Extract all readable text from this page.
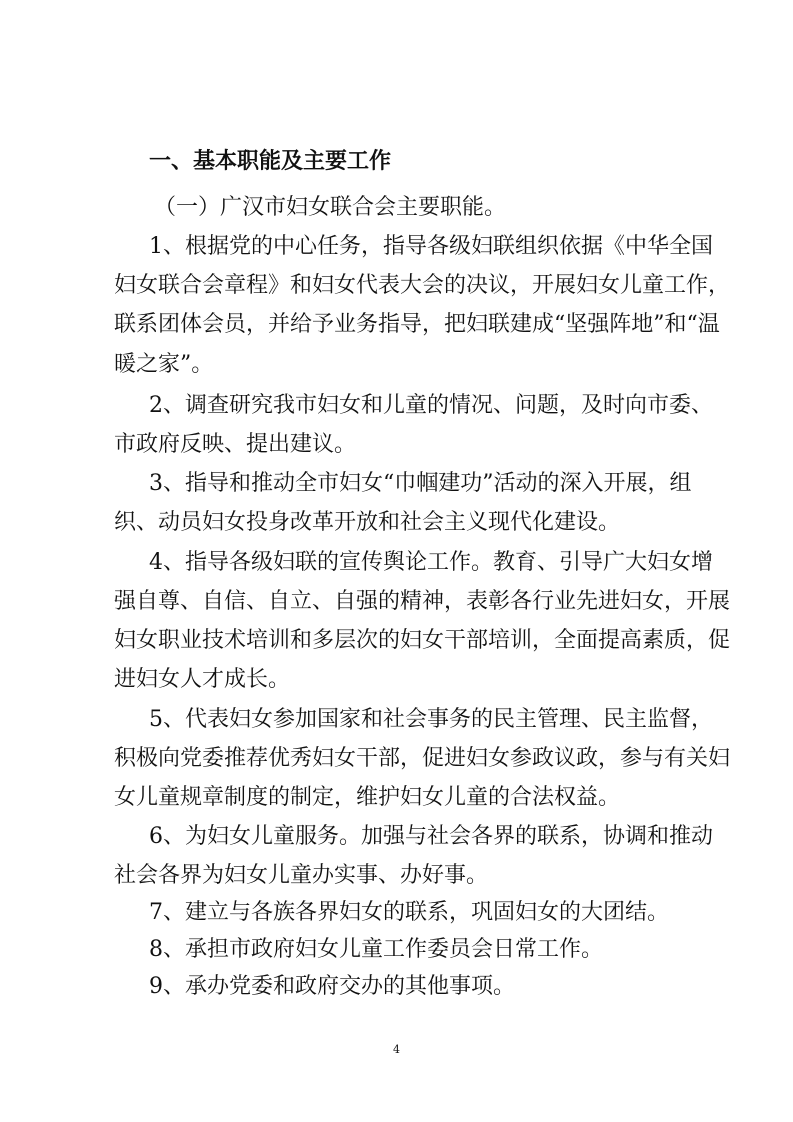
一、基本职能及主要工作
（一）广汉市妇女联合会主要职能。
1、根据党的中心任务，指导各级妇联组织依据《中华全国
妇女联合会章程》和妇女代表大会的决议，开展妇女儿童工作，
联系团体会员，并给予业务指导，把妇联建成“坚强阵地”和“温
暖之家”。
2、调查研究我市妇女和儿童的情况、问题，及时向市委、
市政府反映、提出建议。
3、指导和推动全市妇女“巾帼建功”活动的深入开展，组
织、动员妇女投身改革开放和社会主义现代化建设。
4、指导各级妇联的宣传舆论工作。教育、引导广大妇女增
强自尊、自信、自立、自强的精神，表彰各行业先进妇女，开展
妇女职业技术培训和多层次的妇女干部培训，全面提高素质，促
进妇女人才成长。
5、代表妇女参加国家和社会事务的民主管理、民主监督，
积极向党委推荐优秀妇女干部，促进妇女参政议政，参与有关妇
女儿童规章制度的制定，维护妇女儿童的合法权益。
6、为妇女儿童服务。加强与社会各界的联系，协调和推动
社会各界为妇女儿童办实事、办好事。
7、建立与各族各界妇女的联系，巩固妇女的大团结。
8、承担市政府妇女儿童工作委员会日常工作。
9、承办党委和政府交办的其他事项。
4
